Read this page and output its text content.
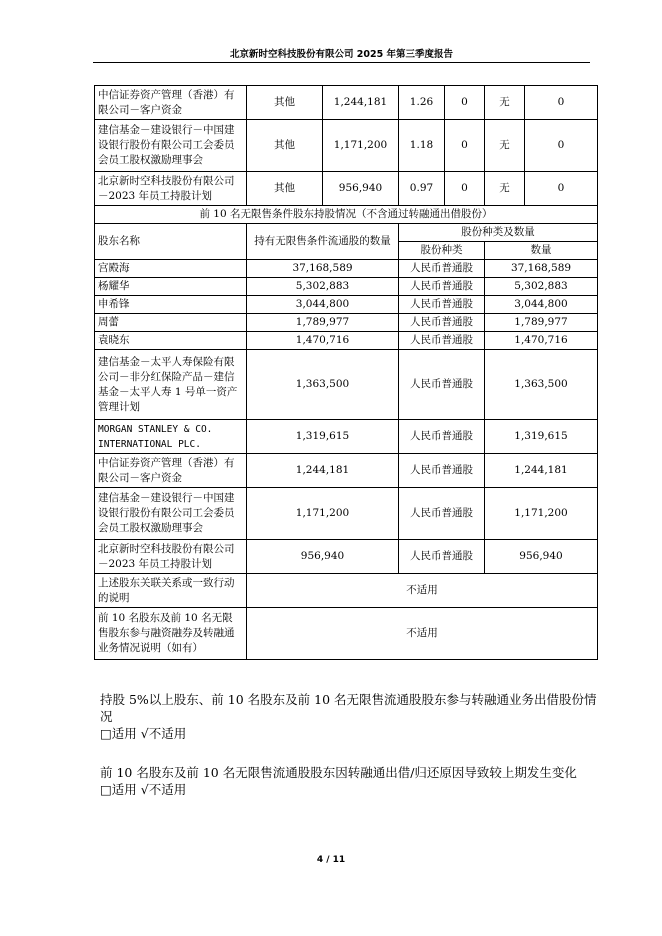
北京新时空科技股份有限公司 2025 年第三季度报告
中信证券资产管理（香港）有限公司－客户资金	其他	1,244,181	1.26	0	无	0
建信基金－建设银行－中国建设银行股份有限公司工会委员会员工股权激励理事会	其他	1,171,200	1.18	0	无	0
北京新时空科技股份有限公司－2023 年员工持股计划	其他	956,940	0.97	0	无	0
前 10 名无限售条件股东持股情况（不含通过转融通出借股份）						
股东名称	持有无限售条件流通股的数量		股份种类及数量			
			股份种类		数量	
宫殿海	37,168,589		人民币普通股		37,168,589	
杨耀华	5,302,883		人民币普通股		5,302,883	
申希锋	3,044,800		人民币普通股		3,044,800	
周蕾	1,789,977		人民币普通股		1,789,977	
袁晓东	1,470,716		人民币普通股		1,470,716	
建信基金－太平人寿保险有限公司－非分红保险产品－建信基金－太平人寿 1 号单一资产管理计划	1,363,500		人民币普通股		1,363,500	
MORGAN STANLEY & CO. INTERNATIONAL PLC.	1,319,615		人民币普通股		1,319,615	
中信证券资产管理（香港）有限公司－客户资金	1,244,181		人民币普通股		1,244,181	
建信基金－建设银行－中国建设银行股份有限公司工会委员会员工股权激励理事会	1,171,200		人民币普通股		1,171,200	
北京新时空科技股份有限公司－2023 年员工持股计划	956,940		人民币普通股		956,940	
上述股东关联关系或一致行动的说明	不适用					
前 10 名股东及前 10 名无限售股东参与融资融券及转融通业务情况说明（如有）	不适用					
持股 5%以上股东、前 10 名股东及前 10 名无限售流通股股东参与转融通业务出借股份情况
□适用 √不适用
前 10 名股东及前 10 名无限售流通股股东因转融通出借/归还原因导致较上期发生变化
□适用 √不适用
4 / 11
